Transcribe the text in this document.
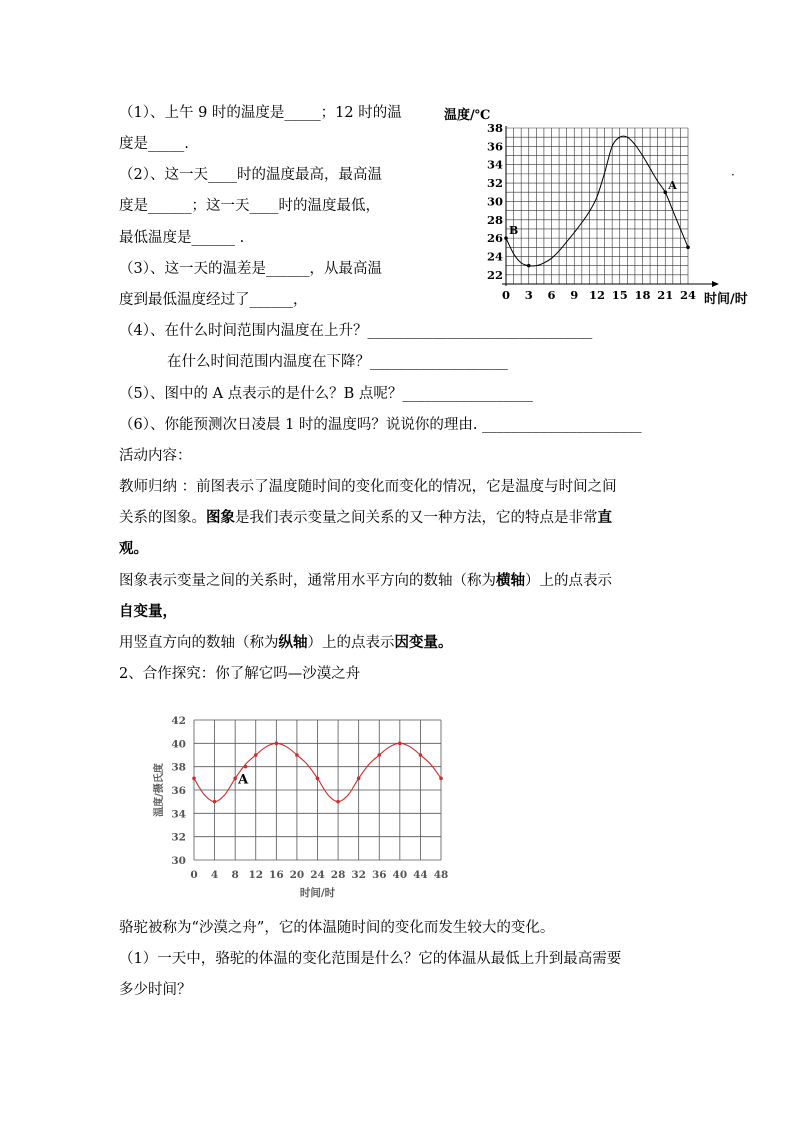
（1）、上午 9 时的温度是_____；12 时的温
度是_____.
（2）、这一天____时的温度最高，最高温
度是______；这一天____时的温度最低，
最低温度是______ .
（3）、这一天的温差是______，从最高温
度到最低温度经过了______，
（4）、在什么时间范围内温度在上升？_______________________________
在什么时间范围内温度在下降？___________________
（5）、图中的 A 点表示的是什么？B 点呢？__________________
（6）、你能预测次日凌晨 1 时的温度吗？说说你的理由. ______________________
活动内容：
教师归纳 ：前图表示了温度随时间的变化而变化的情况，它是温度与时间之间
关系的图象。图象是我们表示变量之间关系的又一种方法，它的特点是非常直
观。
图象表示变量之间的关系时，通常用水平方向的数轴（称为横轴）上的点表示
自变量，
用竖直方向的数轴（称为纵轴）上的点表示因变量。
2、合作探究：你了解它吗—沙漠之舟
骆驼被称为“沙漠之舟”，它的体温随时间的变化而发生较大的变化。
（1）一天中，骆驼的体温的变化范围是什么？它的体温从最低上升到最高需要
多少时间？
·
22
24
26
28
30
32
34
36
38
0 3 6 9 12 15 18 21 24
温度/℃
时间/时
A
B
30
32
34
36
38
40
42
0 4 8 12 16 20 24 28 32 36 40 44 48
时间/时
温度/摄氏度	A
